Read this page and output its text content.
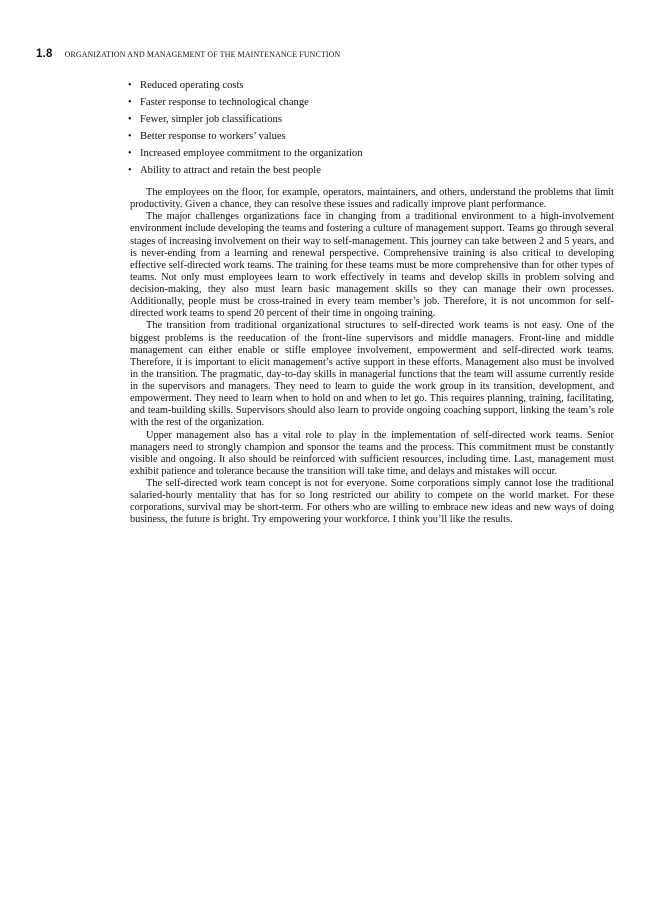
1.8 ORGANIZATION AND MANAGEMENT OF THE MAINTENANCE FUNCTION
• Reduced operating costs
• Faster response to technological change
• Fewer, simpler job classifications
• Better response to workers’ values
• Increased employee commitment to the organization
• Ability to attract and retain the best people

The employees on the floor, for example, operators, maintainers, and others, understand the problems that limit productivity. Given a chance, they can resolve these issues and radically improve plant performance.

The major challenges organizations face in changing from a traditional environment to a high-involvement environment include developing the teams and fostering a culture of management support. Teams go through several stages of increasing involvement on their way to self-management. This journey can take between 2 and 5 years, and is never-ending from a learning and renewal perspective. Comprehensive training is also critical to developing effective self-directed work teams. The training for these teams must be more comprehensive than for other types of teams. Not only must employees learn to work effectively in teams and develop skills in problem solving and decision-making, they also must learn basic management skills so they can manage their own processes. Additionally, people must be cross-trained in every team member’s job. Therefore, it is not uncommon for self-directed work teams to spend 20 percent of their time in ongoing training.

The transition from traditional organizational structures to self-directed work teams is not easy. One of the biggest problems is the reeducation of the front-line supervisors and middle managers. Front-line and middle management can either enable or stifle employee involvement, empowerment and self-directed work teams. Therefore, it is important to elicit management’s active support in these efforts. Management also must be involved in the transition. The pragmatic, day-to-day skills in managerial functions that the team will assume currently reside in the supervisors and managers. They need to learn to guide the work group in its transition, development, and empowerment. They need to learn when to hold on and when to let go. This requires planning, training, facilitating, and team-building skills. Supervisors should also learn to provide ongoing coaching support, linking the team’s role with the rest of the organization.

Upper management also has a vital role to play in the implementation of self-directed work teams. Senior managers need to strongly champion and sponsor the teams and the process. This commitment must be constantly visible and ongoing. It also should be reinforced with sufficient resources, including time. Last, management must exhibit patience and tolerance because the transition will take time, and delays and mistakes will occur.

The self-directed work team concept is not for everyone. Some corporations simply cannot lose the traditional salaried-hourly mentality that has for so long restricted our ability to compete on the world market. For these corporations, survival may be short-term. For others who are willing to embrace new ideas and new ways of doing business, the future is bright. Try empowering your workforce. I think you’ll like the results.
